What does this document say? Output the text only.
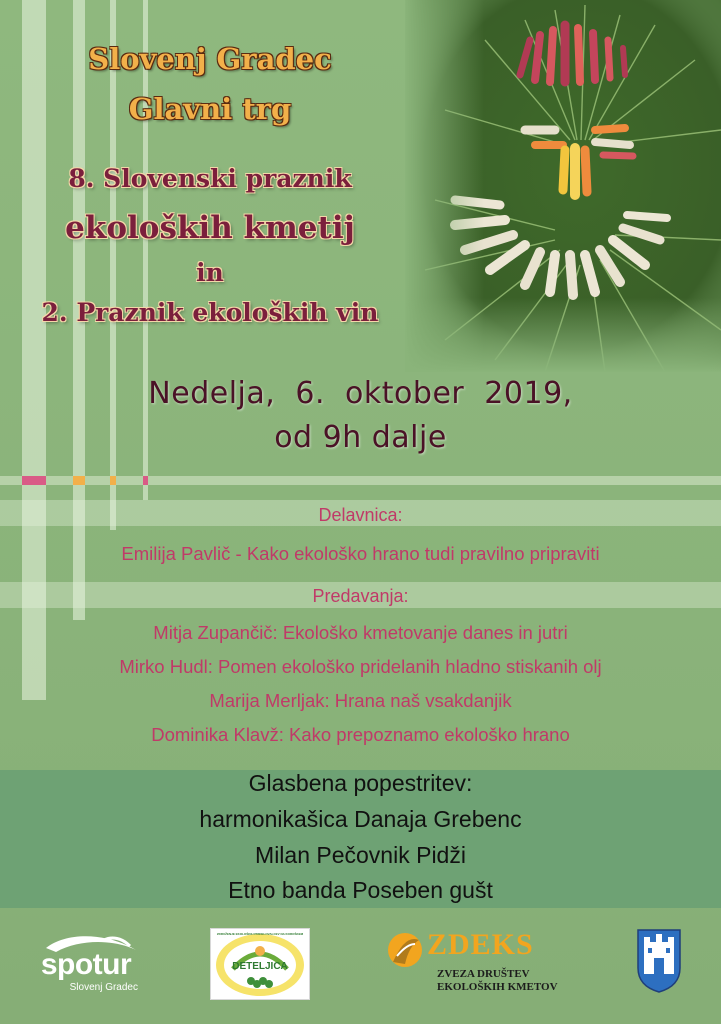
Slovenj Gradec
Glavni trg
8. Slovenski praznik
ekoloških kmetij
in
2. Praznik ekoloških vin
Nedelja,  6.  oktober  2019,
od 9h dalje
Delavnica:
Emilija Pavlič - Kako ekološko hrano tudi pravilno pripraviti
Predavanja:
Mitja Zupančič: Ekološko kmetovanje danes in jutri
Mirko Hudl: Pomen ekološko pridelanih hladno stiskanih olj
Marija Merljak: Hrana naš vsakdanjik
Dominika Klavž: Kako prepoznamo ekološko hrano
Glasbena popestritev:
harmonikašica Danaja Grebenc
Milan Pečovnik Pidži
Etno banda Poseben gušt
spotur
Slovenj Gradec
ZDRUŽENJE EKOLOŠKIH PRIDELOVALCEV NA KOROŠKEM
DETELJICA
ZDEKS
ZVEZA DRUŠTEV
EKOLOŠKIH KMETOV
